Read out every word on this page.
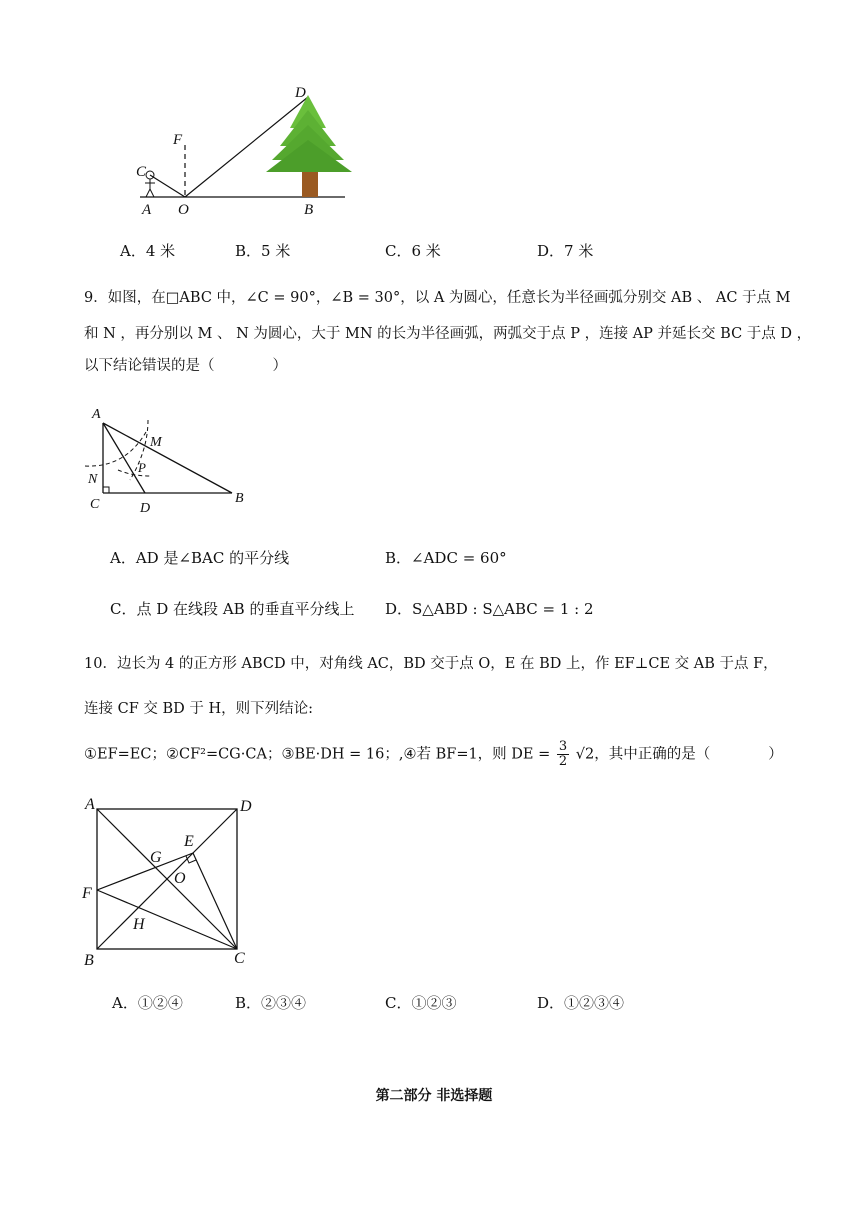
D
F
C
A O	B
A．4 米	B．5 米	C．6 米	D．7 米
9．如图，在□ABC 中，∠C = 90°，∠B = 30°，以 A 为圆心，任意长为半径画弧分别交 AB 、 AC 于点 M
和 N ，再分别以 M 、 N 为圆心，大于 MN 的长为半径画弧，两弧交于点 P ，连接 AP 并延长交 BC 于点 D ，
以下结论错误的是（　　　　）
A
M
P
N
C	D
B
A．AD 是∠BAC 的平分线	B．∠ADC = 60°
C．点 D 在线段 AB 的垂直平分线上 D．S△ABD : S△ABC = 1 : 2
10．边长为 4 的正方形 ABCD 中，对角线 AC，BD 交于点 O，E 在 BD 上，作 EF⊥CE 交 AB 于点 F，
连接 CF 交 BD 于 H，则下列结论:
①EF=EC；②CF²=CG·CA；③BE·DH = 16；,④若 BF=1，则 DE = $\frac{3}{2} √2$，其中正确的是（　　　　）
A	D
E
G
O
F
H
B	C
A．①②④	B．②③④	C．①②③	D．①②③④
第二部分 非选择题
